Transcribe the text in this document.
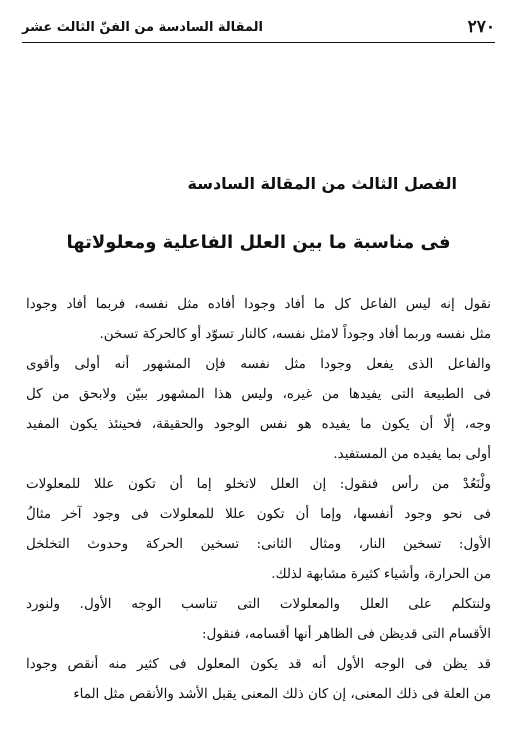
٢٧٠
المقالة السادسة من الفنّ الثالث عشر
الفصل الثالث من المقالة السادسة
فى مناسبة ما بين العلل الفاعلية ومعلولاتها
نقول إنه ليس الفاعل كل ما أفاد وجودا أفاده مثل نفسه، فربما أفاد وجودا
مثل نفسه وربما أفاد وجوداً لامثل نفسه، كالنار تسوّد أو كالحركة تسخن.
والفاعل الذى يفعل وجودا مثل نفسه فإن المشهور أنه أولى وأقوى
فى الطبيعة التى يفيدها من غيره، وليس هذا المشهور ببيّن ولابحق من كل
وجه، إلّا أن يكون ما يفيده هو نفس الوجود والحقيقة، فحينئذ يكون المفيد
أولى بما يفيده من المستفيد.
ولْنَعُدْ من رأس فنقول: إن العلل لاتخلو إما أن تكون عللا للمعلولات
فى نحو وجود أنفسها، وإما أن تكون عللا للمعلولات فى وجود آخر مثالُ
الأول: تسخين النار، ومثال الثانى: تسخين الحركة وحدوث التخلخل
من الحرارة، وأشياء كثيرة مشابهة لذلك.
ولنتكلم على العلل والمعلولات التى تناسب الوجه الأول. ولنورد
الأقسام التى قديظن فى الظاهر أنها أقسامه، فنقول:
قد يظن فى الوجه الأول أنه قد يكون المعلول فى كثير منه أنقص وجودا
من العلة فى ذلك المعنى، إن كان ذلك المعنى يقبل الأشد والأنقص مثل الماء
